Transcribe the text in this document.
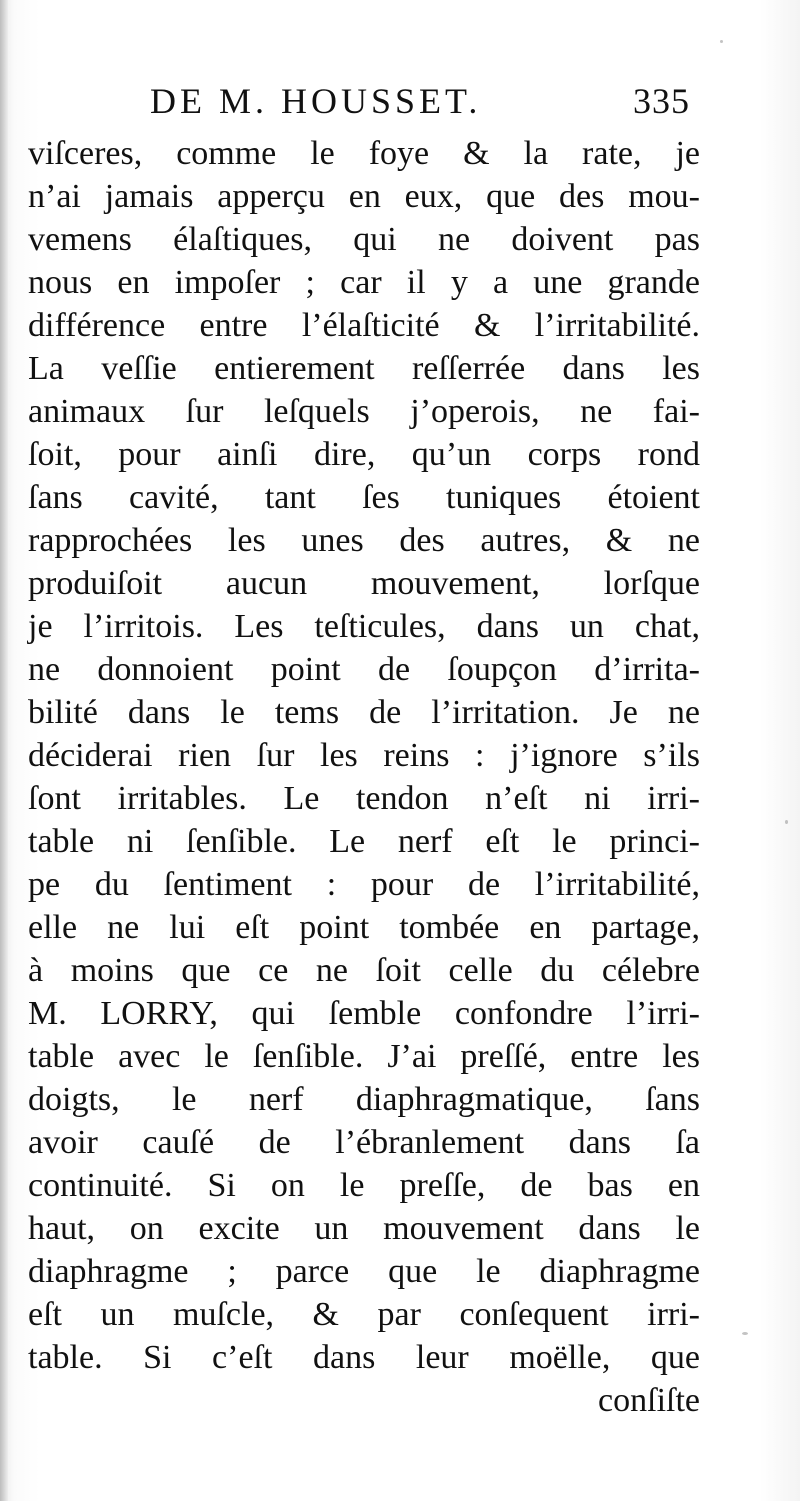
DE M. HOUSSET.	335
viſceres, comme le foye & la rate, je
n’ai jamais apperçu en eux, que des mou-
vemens élaſtiques, qui ne doivent pas
nous en impoſer ; car il y a une grande
différence entre l’élaſticité & l’irritabilité.
La veſſie entierement reſſerrée dans les
animaux ſur leſquels j’operois, ne fai-
ſoit, pour ainſi dire, qu’un corps rond
ſans cavité, tant ſes tuniques étoient
rapprochées les unes des autres, & ne
produiſoit aucun mouvement, lorſque
je l’irritois. Les teſticules, dans un chat,
ne donnoient point de ſoupçon d’irrita-
bilité dans le tems de l’irritation. Je ne
déciderai rien ſur les reins : j’ignore s’ils
ſont irritables. Le tendon n’eſt ni irri-
table ni ſenſible. Le nerf eſt le princi-
pe du ſentiment : pour de l’irritabilité,
elle ne lui eſt point tombée en partage,
à moins que ce ne ſoit celle du célebre
M. LORRY, qui ſemble confondre l’irri-
table avec le ſenſible. J’ai preſſé, entre les
doigts, le nerf diaphragmatique, ſans
avoir cauſé de l’ébranlement dans ſa
continuité. Si on le preſſe, de bas en
haut, on excite un mouvement dans le
diaphragme ; parce que le diaphragme
eſt un muſcle, & par conſequent irri-
table. Si c’eſt dans leur moëlle, que
conſiſte
